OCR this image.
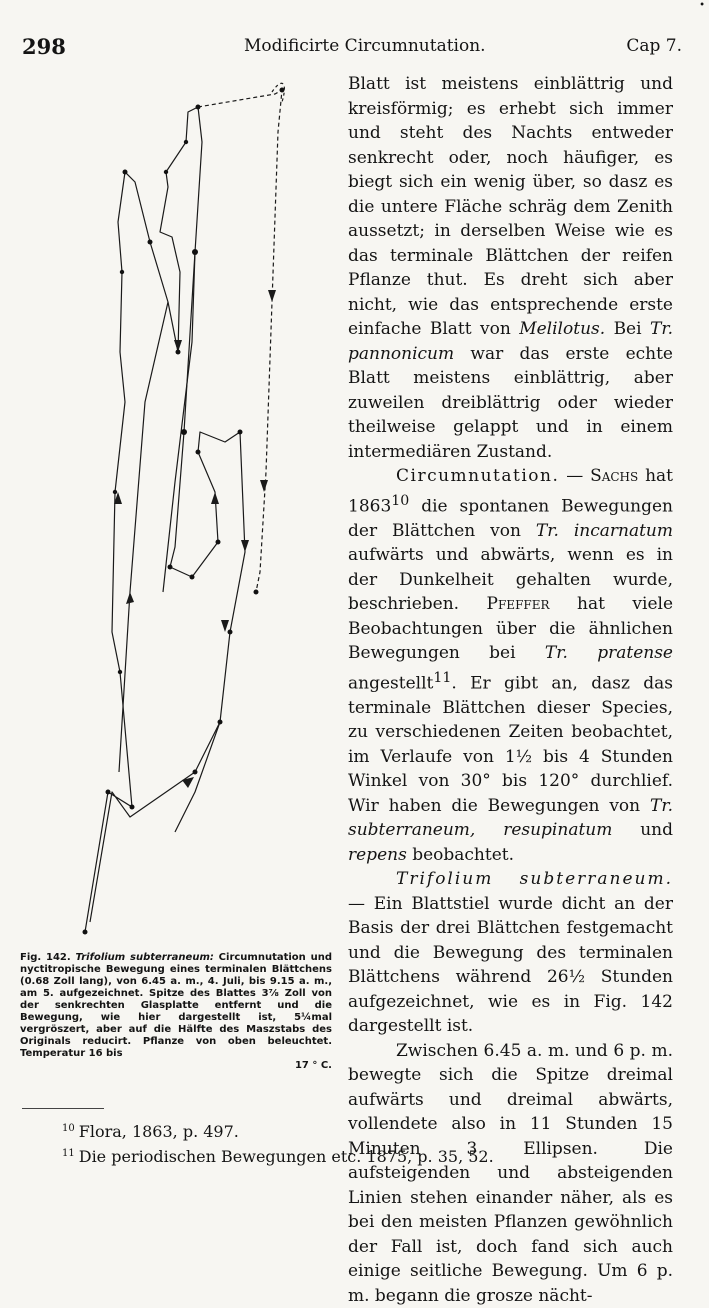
•
298	Modificirte Circumnutation.	Cap 7.
Fig. 142. Trifolium subterraneum: Circumnutation und nyctitropische Bewegung eines terminalen Blättchens (0.68 Zoll lang), von 6.45 a. m., 4. Juli, bis 9.15 a. m., am 5. aufgezeichnet. Spitze des Blattes 3⅞ Zoll von der senkrechten Glasplatte entfernt und die Bewegung, wie hier dargestellt ist, 5¼mal vergröszert, aber auf die Hälfte des Maszstabs des Originals reducirt. Pflanze von oben beleuchtet. Temperatur 16 bis
17 ° C.

Blatt ist meistens einblättrig und kreisförmig; es erhebt sich immer und steht des Nachts entweder senkrecht oder, noch häufiger, es biegt sich ein wenig über, so dasz es die untere Fläche schräg dem Zenith aussetzt; in derselben Weise wie es das terminale Blättchen der reifen Pflanze thut. Es dreht sich aber nicht, wie das entsprechende erste einfache Blatt von Melilotus. Bei Tr. pannonicum war das erste echte Blatt meistens einblättrig, aber zuweilen dreiblättrig oder wieder theilweise gelappt und in einem intermediären Zustand.

Circumnutation. — Sachs hat 1863$^{10}$ die spontanen Bewegungen der Blättchen von Tr. incarnatum aufwärts und abwärts, wenn es in der Dunkelheit gehalten wurde, beschrieben. Pfeffer hat viele Beobachtungen über die ähnlichen Bewegungen bei Tr. pratense angestellt$^{11}$. Er gibt an, dasz das terminale Blättchen dieser Species, zu verschiedenen Zeiten beobachtet, im Verlaufe von 1½ bis 4 Stunden Winkel von 30° bis 120° durchlief. Wir haben die Bewegungen von Tr. subterraneum, resupinatum und repens beobachtet.

Trifolium subterraneum. — Ein Blattstiel wurde dicht an der Basis der drei Blättchen festgemacht und die Bewegung des terminalen Blättchens während 26½ Stunden aufgezeichnet, wie es in Fig. 142 dargestellt ist.

Zwischen 6.45 a. m. und 6 p. m. bewegte sich die Spitze dreimal aufwärts und dreimal abwärts, vollendete also in 11 Stunden 15 Minuten 3 Ellipsen. Die aufsteigenden und absteigenden Linien stehen einander näher, als es bei den meisten Pflanzen gewöhnlich der Fall ist, doch fand sich auch einige seitliche Bewegung. Um 6 p. m. begann die grosze nächt-

$^{10}$ Flora, 1863, p. 497.
$^{11}$ Die periodischen Bewegungen etc. 1875, p. 35, 52.
